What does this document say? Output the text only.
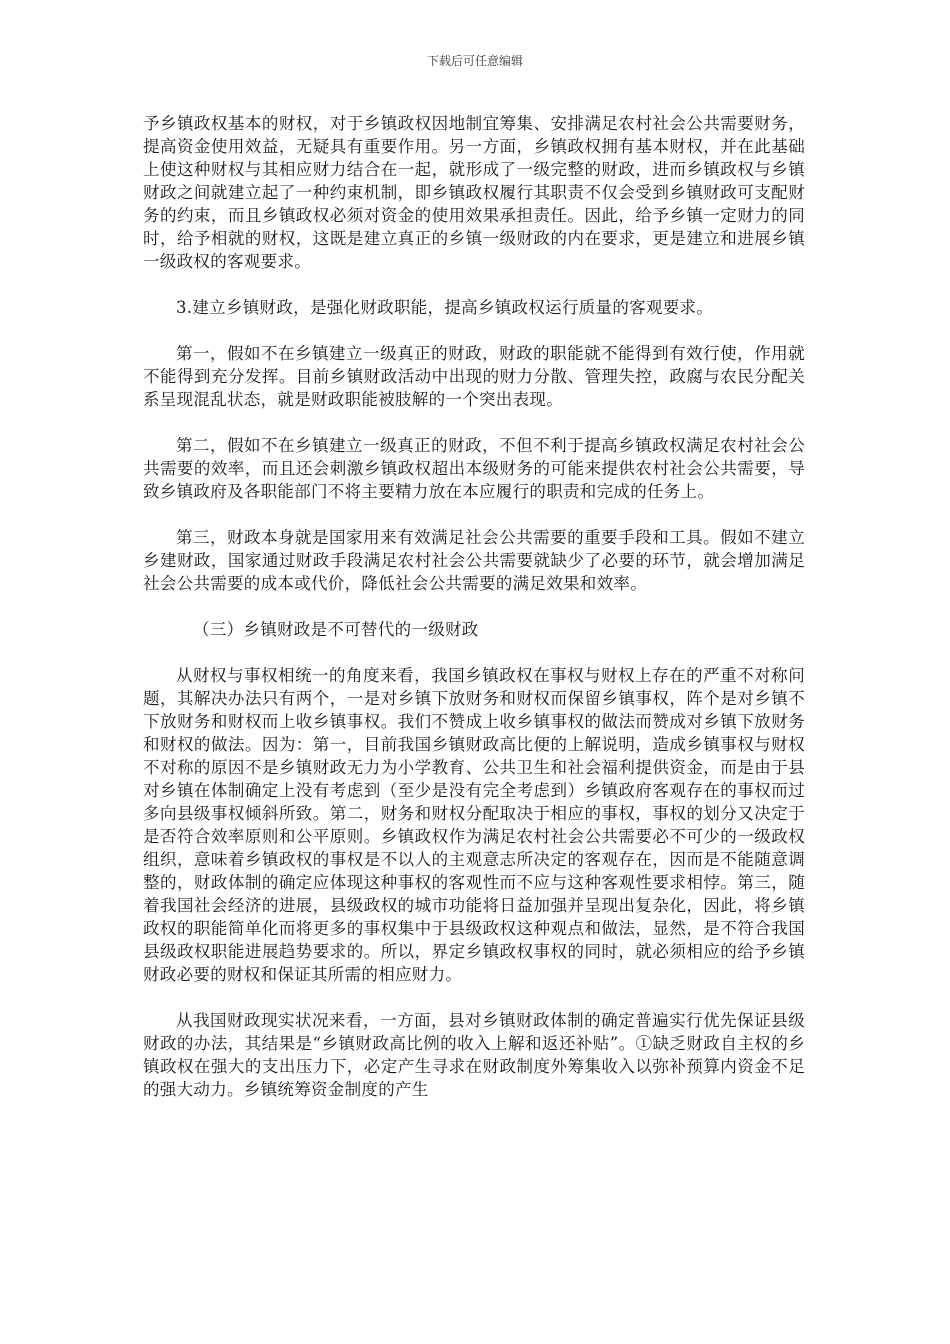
下载后可任意编辑

予乡镇政权基本的财权，对于乡镇政权因地制宜筹集、安排满足农村社会公共需要财务，提高资金使用效益，无疑具有重要作用。另一方面，乡镇政权拥有基本财权，并在此基础上使这种财权与其相应财力结合在一起，就形成了一级完整的财政，进而乡镇政权与乡镇财政之间就建立起了一种约束机制，即乡镇政权履行其职责不仅会受到乡镇财政可支配财务的约束，而且乡镇政权必须对资金的使用效果承担责任。因此，给予乡镇一定财力的同时，给予相就的财权，这既是建立真正的乡镇一级财政的内在要求，更是建立和进展乡镇一级政权的客观要求。

3.建立乡镇财政，是强化财政职能，提高乡镇政权运行质量的客观要求。

第一，假如不在乡镇建立一级真正的财政，财政的职能就不能得到有效行使，作用就不能得到充分发挥。目前乡镇财政活动中出现的财力分散、管理失控，政腐与农民分配关系呈现混乱状态，就是财政职能被肢解的一个突出表现。

第二，假如不在乡镇建立一级真正的财政，不但不利于提高乡镇政权满足农村社会公共需要的效率，而且还会刺激乡镇政权超出本级财务的可能来提供农村社会公共需要，导致乡镇政府及各职能部门不将主要精力放在本应履行的职责和完成的任务上。

第三，财政本身就是国家用来有效满足社会公共需要的重要手段和工具。假如不建立乡建财政，国家通过财政手段满足农村社会公共需要就缺少了必要的环节，就会增加满足社会公共需要的成本或代价，降低社会公共需要的满足效果和效率。

（三）乡镇财政是不可替代的一级财政

从财权与事权相统一的角度来看，我国乡镇政权在事权与财权上存在的严重不对称问题，其解决办法只有两个，一是对乡镇下放财务和财权而保留乡镇事权，阵个是对乡镇不下放财务和财权而上收乡镇事权。我们不赞成上收乡镇事权的做法而赞成对乡镇下放财务和财权的做法。因为：第一，目前我国乡镇财政高比便的上解说明，造成乡镇事权与财权不对称的原因不是乡镇财政无力为小学教育、公共卫生和社会福利提供资金，而是由于县对乡镇在体制确定上没有考虑到（至少是没有完全考虑到）乡镇政府客观存在的事权而过多向县级事权倾斜所致。第二，财务和财权分配取决于相应的事权，事权的划分又决定于是否符合效率原则和公平原则。乡镇政权作为满足农村社会公共需要必不可少的一级政权组织，意味着乡镇政权的事权是不以人的主观意志所决定的客观存在，因而是不能随意调整的，财政体制的确定应体现这种事权的客观性而不应与这种客观性要求相悖。第三，随着我国社会经济的进展，县级政权的城市功能将日益加强并呈现出复杂化，因此，将乡镇政权的职能简单化而将更多的事权集中于县级政权这种观点和做法，显然，是不符合我国县级政权职能进展趋势要求的。所以，界定乡镇政权事权的同时，就必须相应的给予乡镇财政必要的财权和保证其所需的相应财力。

从我国财政现实状况来看，一方面，县对乡镇财政体制的确定普遍实行优先保证县级财政的办法，其结果是“乡镇财政高比例的收入上解和返还补贴”。①缺乏财政自主权的乡镇政权在强大的支出压力下，必定产生寻求在财政制度外筹集收入以弥补预算内资金不足的强大动力。乡镇统筹资金制度的产生
